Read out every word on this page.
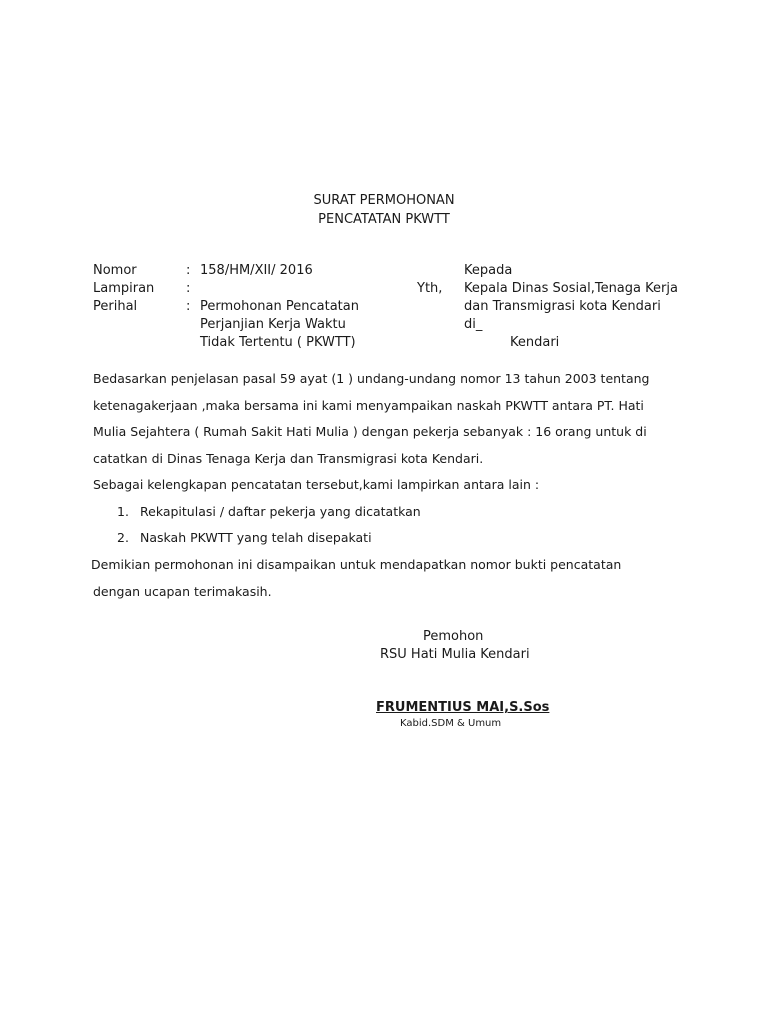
SURAT PERMOHONAN
PENCATATAN PKWTT
Nomor	: 158/HM/XII/ 2016
Lampiran :
Perihal	: Permohonan Pencatatan
Perjanjian Kerja Waktu
Tidak Tertentu ( PKWTT)
Kepada
Yth, Kepala Dinas Sosial,Tenaga Kerja
dan Transmigrasi kota Kendari
di_
Kendari
Bedasarkan penjelasan pasal 59 ayat (1 ) undang-undang nomor 13 tahun 2003 tentang
ketenagakerjaan ,maka bersama ini kami menyampaikan naskah PKWTT antara PT. Hati
Mulia Sejahtera ( Rumah Sakit Hati Mulia ) dengan pekerja sebanyak : 16 orang untuk di
catatkan di Dinas Tenaga Kerja dan Transmigrasi kota Kendari.
Sebagai kelengkapan pencatatan tersebut,kami lampirkan antara lain :
1. Rekapitulasi / daftar pekerja yang dicatatkan
2. Naskah PKWTT yang telah disepakati
Demikian permohonan ini disampaikan untuk mendapatkan nomor bukti pencatatan
dengan ucapan terimakasih.
Pemohon
RSU Hati Mulia Kendari
FRUMENTIUS MAI,S.Sos
Kabid.SDM & Umum
